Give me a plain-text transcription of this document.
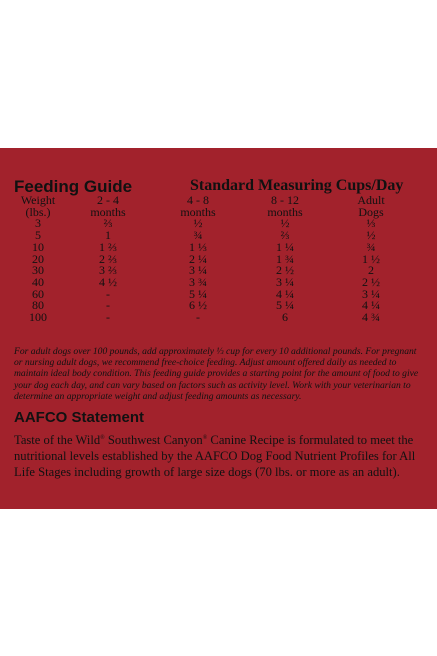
Feeding Guide	Standard Measuring Cups/Day
Weight	2 - 4	4 - 8	8 - 12	Adult
(lbs.)	months	months	months	Dogs
3	⅔	½	½	⅓
5	1	¾	⅔	½
10	1 ⅔	1 ⅓	1 ¼	¾
20	2 ⅔	2 ¼	1 ¾	1 ½
30	3 ⅔	3 ¼	2 ½	2
40	4 ½	3 ¾	3 ¼	2 ½
60	-	5 ¼	4 ¼	3 ¼
80	-	6 ½	5 ¼	4 ¼
100	-	-	6	4 ¾
For adult dogs over 100 pounds, add approximately ⅓ cup for every 10 additional pounds. For pregnant or nursing adult dogs, we recommend free-choice feeding. Adjust amount offered daily as needed to maintain ideal body condition. This feeding guide provides a starting point for the amount of food to give your dog each day, and can vary based on factors such as activity level. Work with your veterinarian to determine an appropriate weight and adjust feeding amounts as necessary.
AAFCO Statement
Taste of the Wild® Southwest Canyon® Canine Recipe is formulated to meet the nutritional levels established by the AAFCO Dog Food Nutrient Profiles for All Life Stages including growth of large size dogs (70 lbs. or more as an adult).
